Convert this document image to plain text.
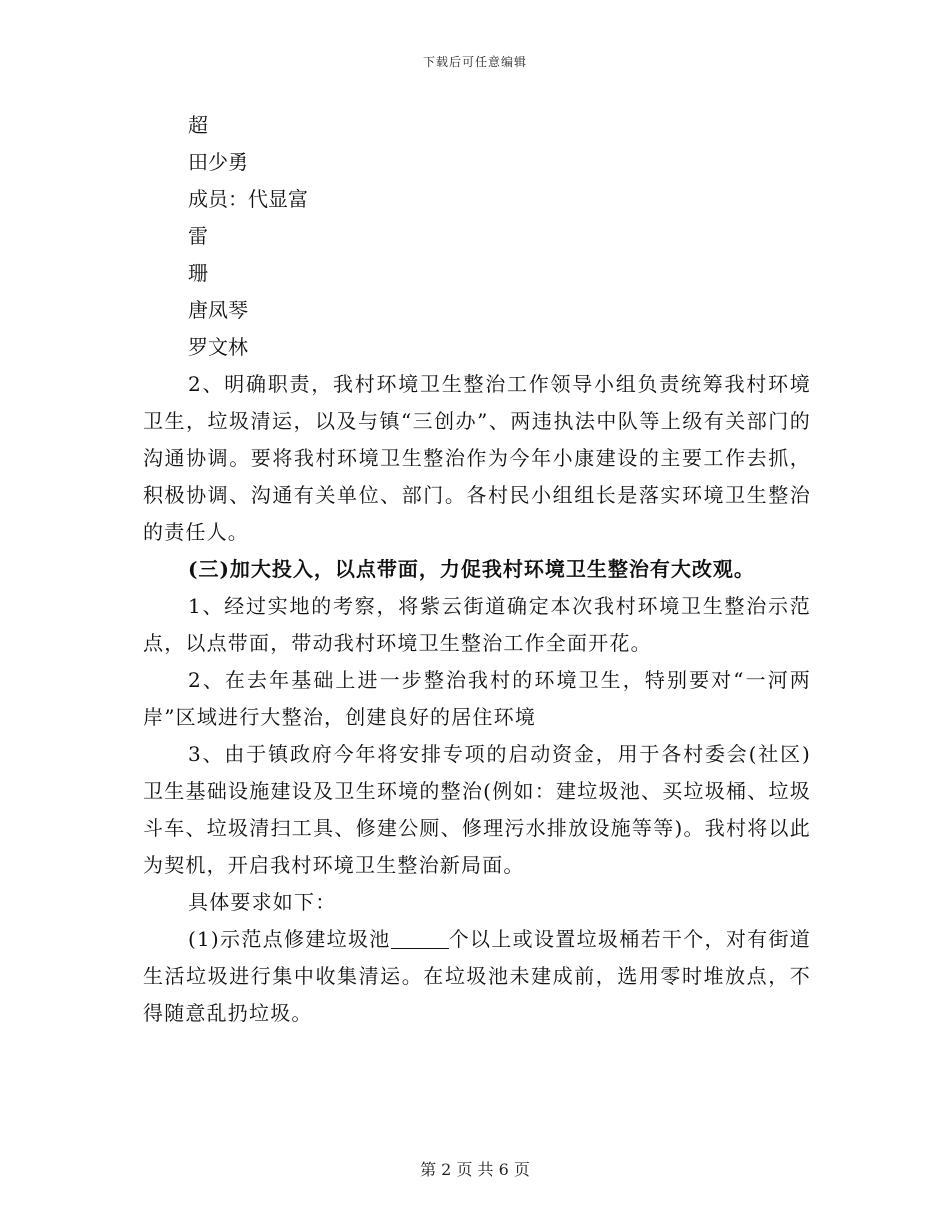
下载后可任意编辑

超

田少勇

成员：代显富

雷

珊

唐凤琴

罗文林

2、明确职责，我村环境卫生整治工作领导小组负责统筹我村环境卫生，垃圾清运，以及与镇“三创办”、两违执法中队等上级有关部门的沟通协调。要将我村环境卫生整治作为今年小康建设的主要工作去抓，积极协调、沟通有关单位、部门。各村民小组组长是落实环境卫生整治的责任人。

(三)加大投入，以点带面，力促我村环境卫生整治有大改观。

1、经过实地的考察，将紫云街道确定本次我村环境卫生整治示范点，以点带面，带动我村环境卫生整治工作全面开花。

2、在去年基础上进一步整治我村的环境卫生，特别要对“一河两岸”区域进行大整治，创建良好的居住环境

3、由于镇政府今年将安排专项的启动资金，用于各村委会(社区)卫生基础设施建设及卫生环境的整治(例如：建垃圾池、买垃圾桶、垃圾斗车、垃圾清扫工具、修建公厕、修理污水排放设施等等)。我村将以此为契机，开启我村环境卫生整治新局面。

具体要求如下：

(1)示范点修建垃圾池	个以上或设置垃圾桶若干个，对有街道生活垃圾进行集中收集清运。在垃圾池未建成前，选用零时堆放点，不得随意乱扔垃圾。

第 2 页 共 6 页
